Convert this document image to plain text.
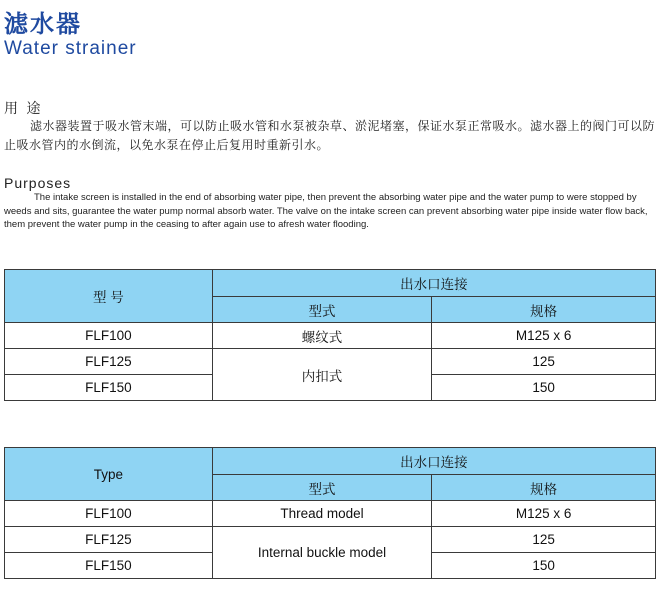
滤水器
Water strainer
用 途
滤水器装置于吸水管末端，可以防止吸水管和水泵被杂草、淤泥堵塞，保证水泵正常吸水。滤水器上的阀门可以防止吸水管内的水倒流，以免水泵在停止后复用时重新引水。
Purposes
The intake screen is installed in the end of absorbing water pipe, then prevent the absorbing water pipe and the water pump to were stopped by weeds and sits, guarantee the water pump normal absorb water. The valve on the intake screen can prevent absorbing water pipe inside water flow back, them prevent the water pump in the ceasing to after again use to afresh water flooding.
型 号	出水口连接	
	型式	规格
FLF100	螺纹式	M125 x 6
FLF125	内扣式	125
FLF150		150
Type	出水口连接	
	型式	规格
FLF100	Thread model	M125 x 6
FLF125	Internal buckle model	125
FLF150		150
